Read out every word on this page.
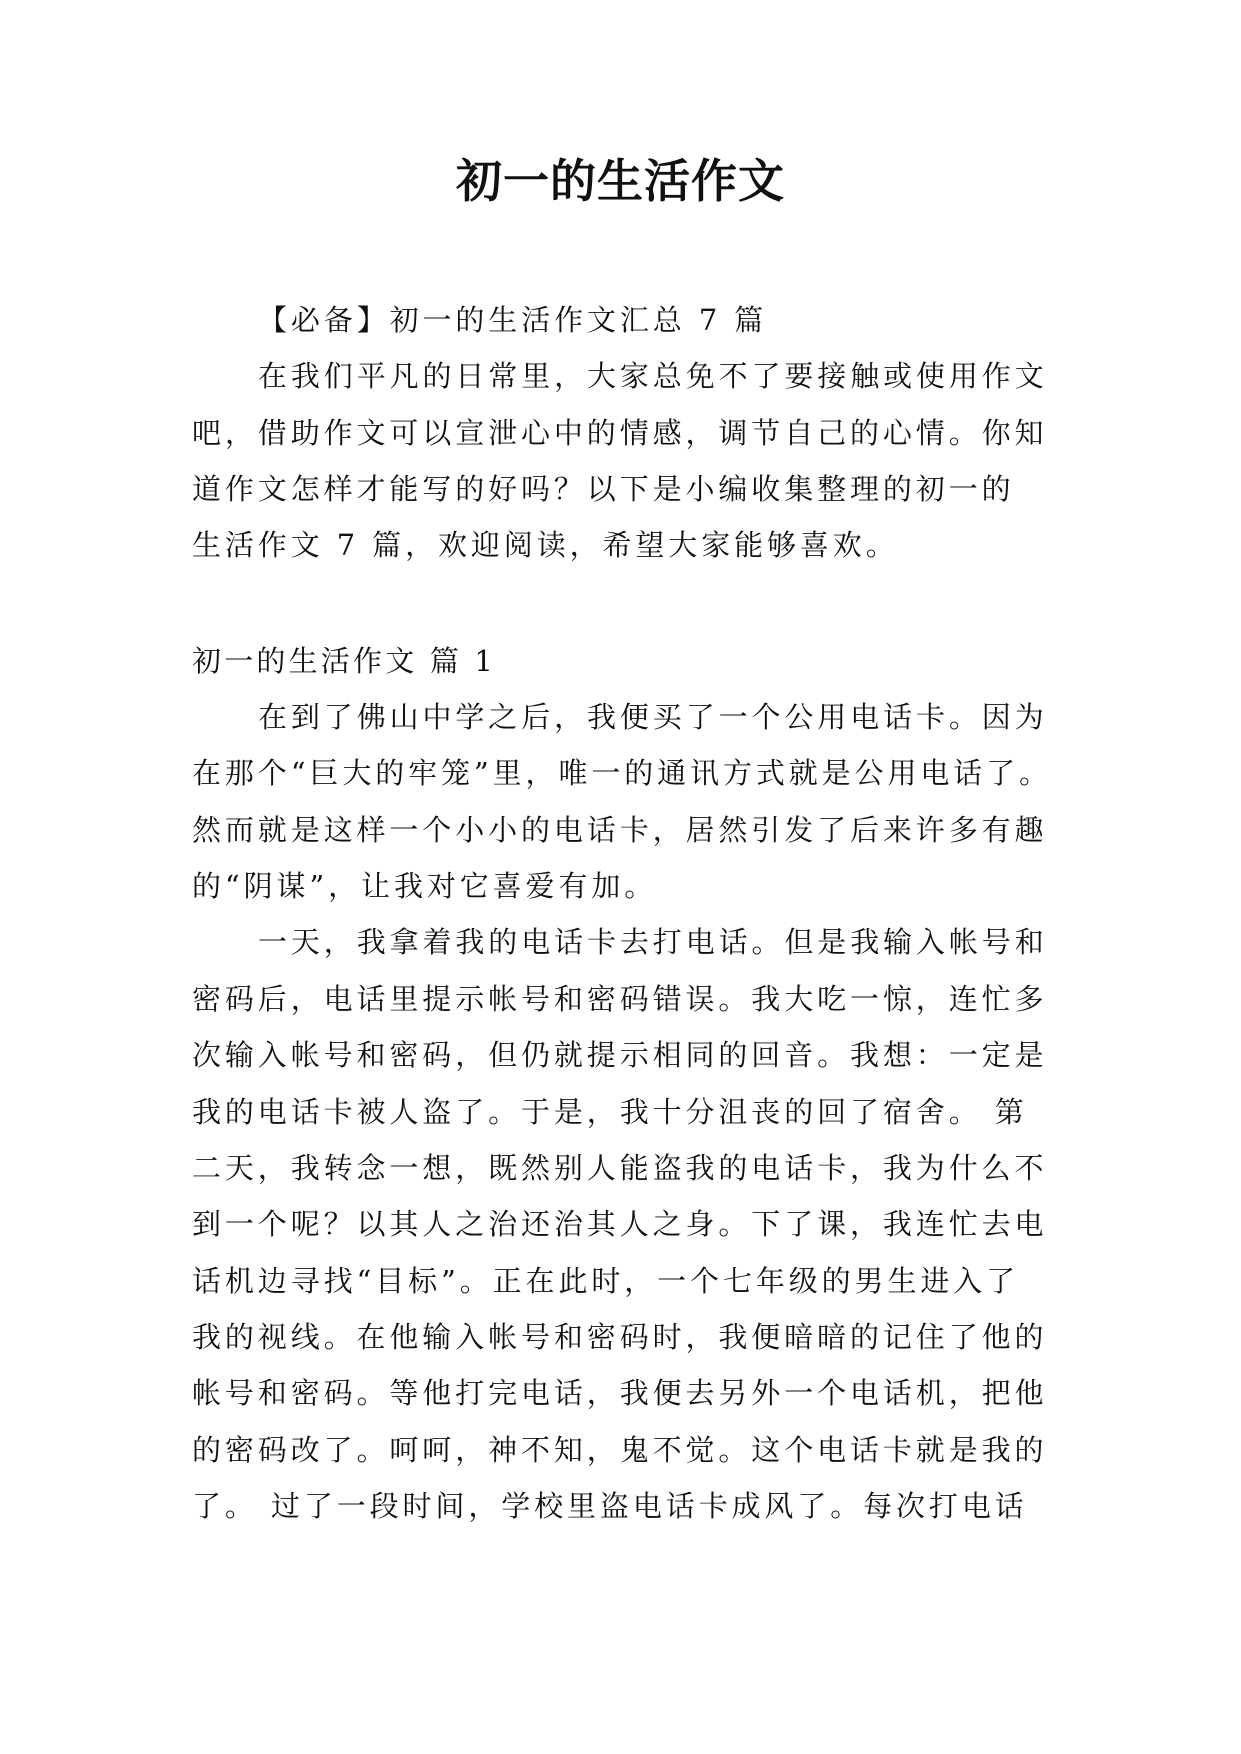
初一的生活作文
【必备】初一的生活作文汇总 7 篇
在我们平凡的日常里，大家总免不了要接触或使用作文
吧，借助作文可以宣泄心中的情感，调节自己的心情。你知
道作文怎样才能写的好吗？以下是小编收集整理的初一的
生活作文 7 篇，欢迎阅读，希望大家能够喜欢。
初一的生活作文 篇 1
在到了佛山中学之后，我便买了一个公用电话卡。因为
在那个“巨大的牢笼”里，唯一的通讯方式就是公用电话了。
然而就是这样一个小小的电话卡，居然引发了后来许多有趣
的“阴谋”，让我对它喜爱有加。
一天，我拿着我的电话卡去打电话。但是我输入帐号和
密码后，电话里提示帐号和密码错误。我大吃一惊，连忙多
次输入帐号和密码，但仍就提示相同的回音。我想：一定是
我的电话卡被人盗了。于是，我十分沮丧的回了宿舍。 第
二天，我转念一想，既然别人能盗我的电话卡，我为什么不
到一个呢？以其人之治还治其人之身。下了课，我连忙去电
话机边寻找“目标”。正在此时，一个七年级的男生进入了
我的视线。在他输入帐号和密码时，我便暗暗的记住了他的
帐号和密码。等他打完电话，我便去另外一个电话机，把他
的密码改了。呵呵，神不知，鬼不觉。这个电话卡就是我的
了。 过了一段时间，学校里盗电话卡成风了。每次打电话
